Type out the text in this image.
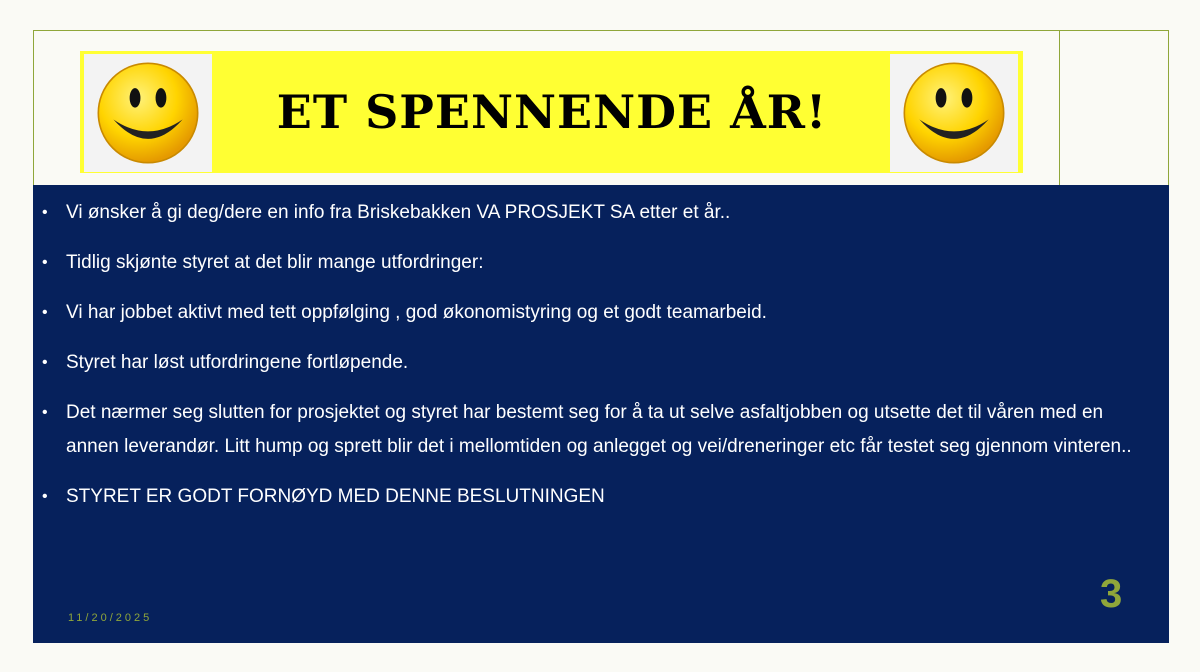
ET SPENNENDE ÅR!
• Vi ønsker å gi deg/dere en info fra Briskebakken VA PROSJEKT SA etter et år..
• Tidlig skjønte styret at det blir mange utfordringer:
• Vi har jobbet aktivt med tett oppfølging , god økonomistyring og et godt teamarbeid.
• Styret har løst utfordringene fortløpende.
• Det nærmer seg slutten for prosjektet og styret har bestemt seg for å ta ut selve asfaltjobben og utsette det til våren med en annen leverandør. Litt hump og sprett blir det i mellomtiden og anlegget og vei/dreneringer etc får testet seg gjennom vinteren..
• STYRET ER GODT FORNØYD MED DENNE BESLUTNINGEN
11/20/2025
3
